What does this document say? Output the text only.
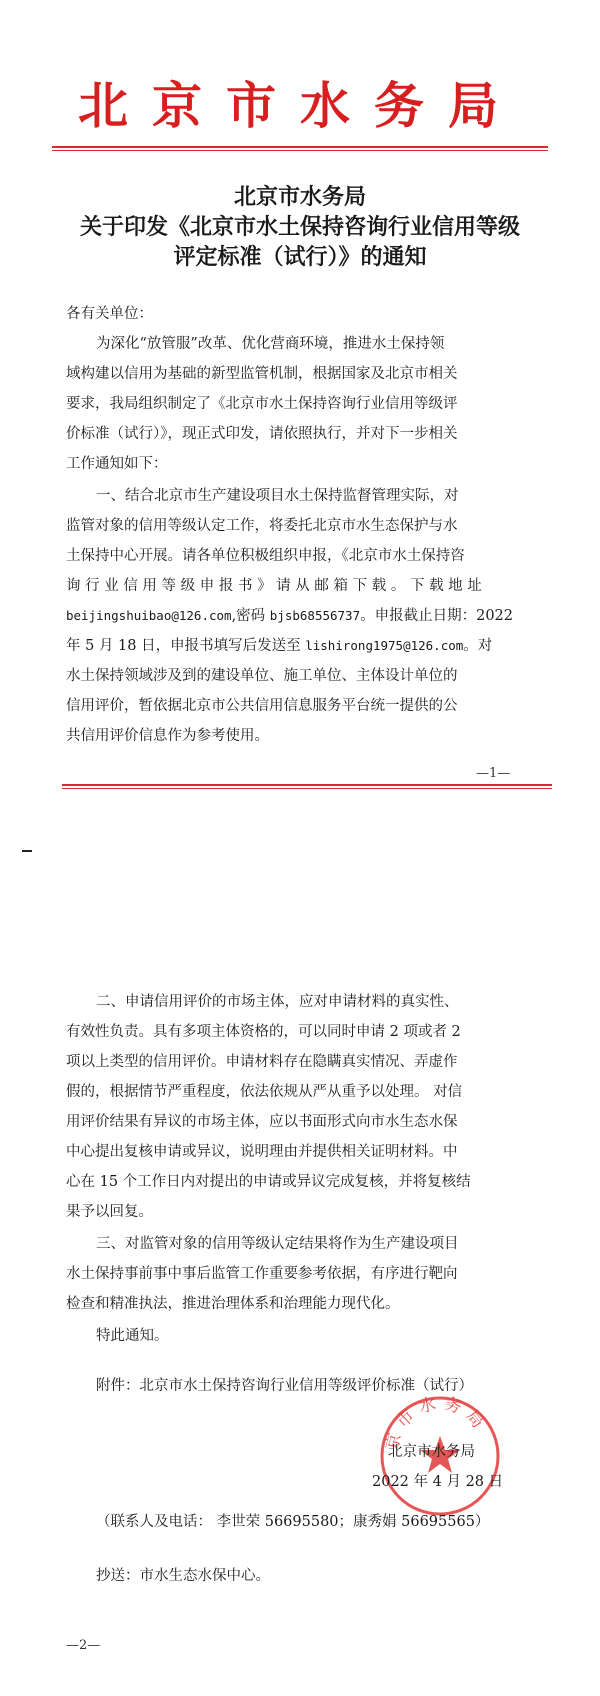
北京市水务局
北京市水务局
关于印发《北京市水土保持咨询行业信用等级
评定标准（试行）》的通知
各有关单位：
为深化“放管服”改革、优化营商环境，推进水土保持领
域构建以信用为基础的新型监管机制，根据国家及北京市相关
要求，我局组织制定了《北京市水土保持咨询行业信用等级评
价标准（试行）》，现正式印发，请依照执行，并对下一步相关
工作通知如下：
一、结合北京市生产建设项目水土保持监督管理实际，对
监管对象的信用等级认定工作，将委托北京市水生态保护与水
土保持中心开展。请各单位积极组织申报，《北京市水土保持咨
询 行 业 信 用 等 级 申 报 书 》 请 从 邮 箱 下 载 。 下 载 地 址
beijingshuibao@126.com,密码 bjsb68556737。申报截止日期：2022
年 5 月 18 日，申报书填写后发送至 lishirong1975@126.com。对
水土保持领域涉及到的建设单位、施工单位、主体设计单位的
信用评价，暂依据北京市公共信用信息服务平台统一提供的公
共信用评价信息作为参考使用。
—1—
二、申请信用评价的市场主体，应对申请材料的真实性、
有效性负责。具有多项主体资格的，可以同时申请 2 项或者 2
项以上类型的信用评价。申请材料存在隐瞒真实情况、弄虚作
假的，根据情节严重程度，依法依规从严从重予以处理。 对信
用评价结果有异议的市场主体，应以书面形式向市水生态水保
中心提出复核申请或异议，说明理由并提供相关证明材料。中
心在 15 个工作日内对提出的申请或异议完成复核，并将复核结
果予以回复。
三、对监管对象的信用等级认定结果将作为生产建设项目
水土保持事前事中事后监管工作重要参考依据，有序进行靶向
检查和精准执法，推进治理体系和治理能力现代化。
特此通知。
附件：北京市水土保持咨询行业信用等级评价标准（试行）
京市水务局
北京市水务局
2022 年 4 月 28 日
（联系人及电话： 李世荣 56695580；康秀娟 56695565）
抄送：市水生态水保中心。
—2—
